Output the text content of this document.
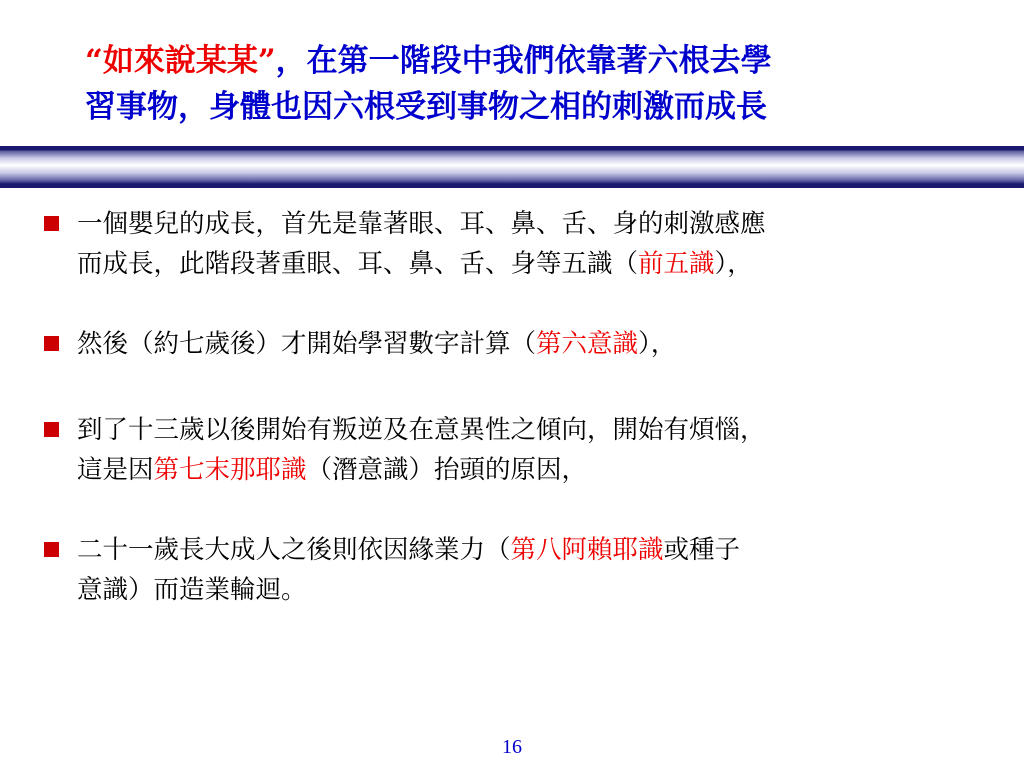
“如來說某某”，在第一階段中我們依靠著六根去學
習事物，身體也因六根受到事物之相的刺激而成長
一個嬰兒的成長，首先是靠著眼、耳、鼻、舌、身的刺激感應
而成長，此階段著重眼、耳、鼻、舌、身等五識（前五識），
然後（約七歲後）才開始學習數字計算（第六意識），
到了十三歲以後開始有叛逆及在意異性之傾向，開始有煩惱，
這是因第七末那耶識（潛意識）抬頭的原因，
二十一歲長大成人之後則依因緣業力（第八阿賴耶識或種子
意識）而造業輪迴。
16
